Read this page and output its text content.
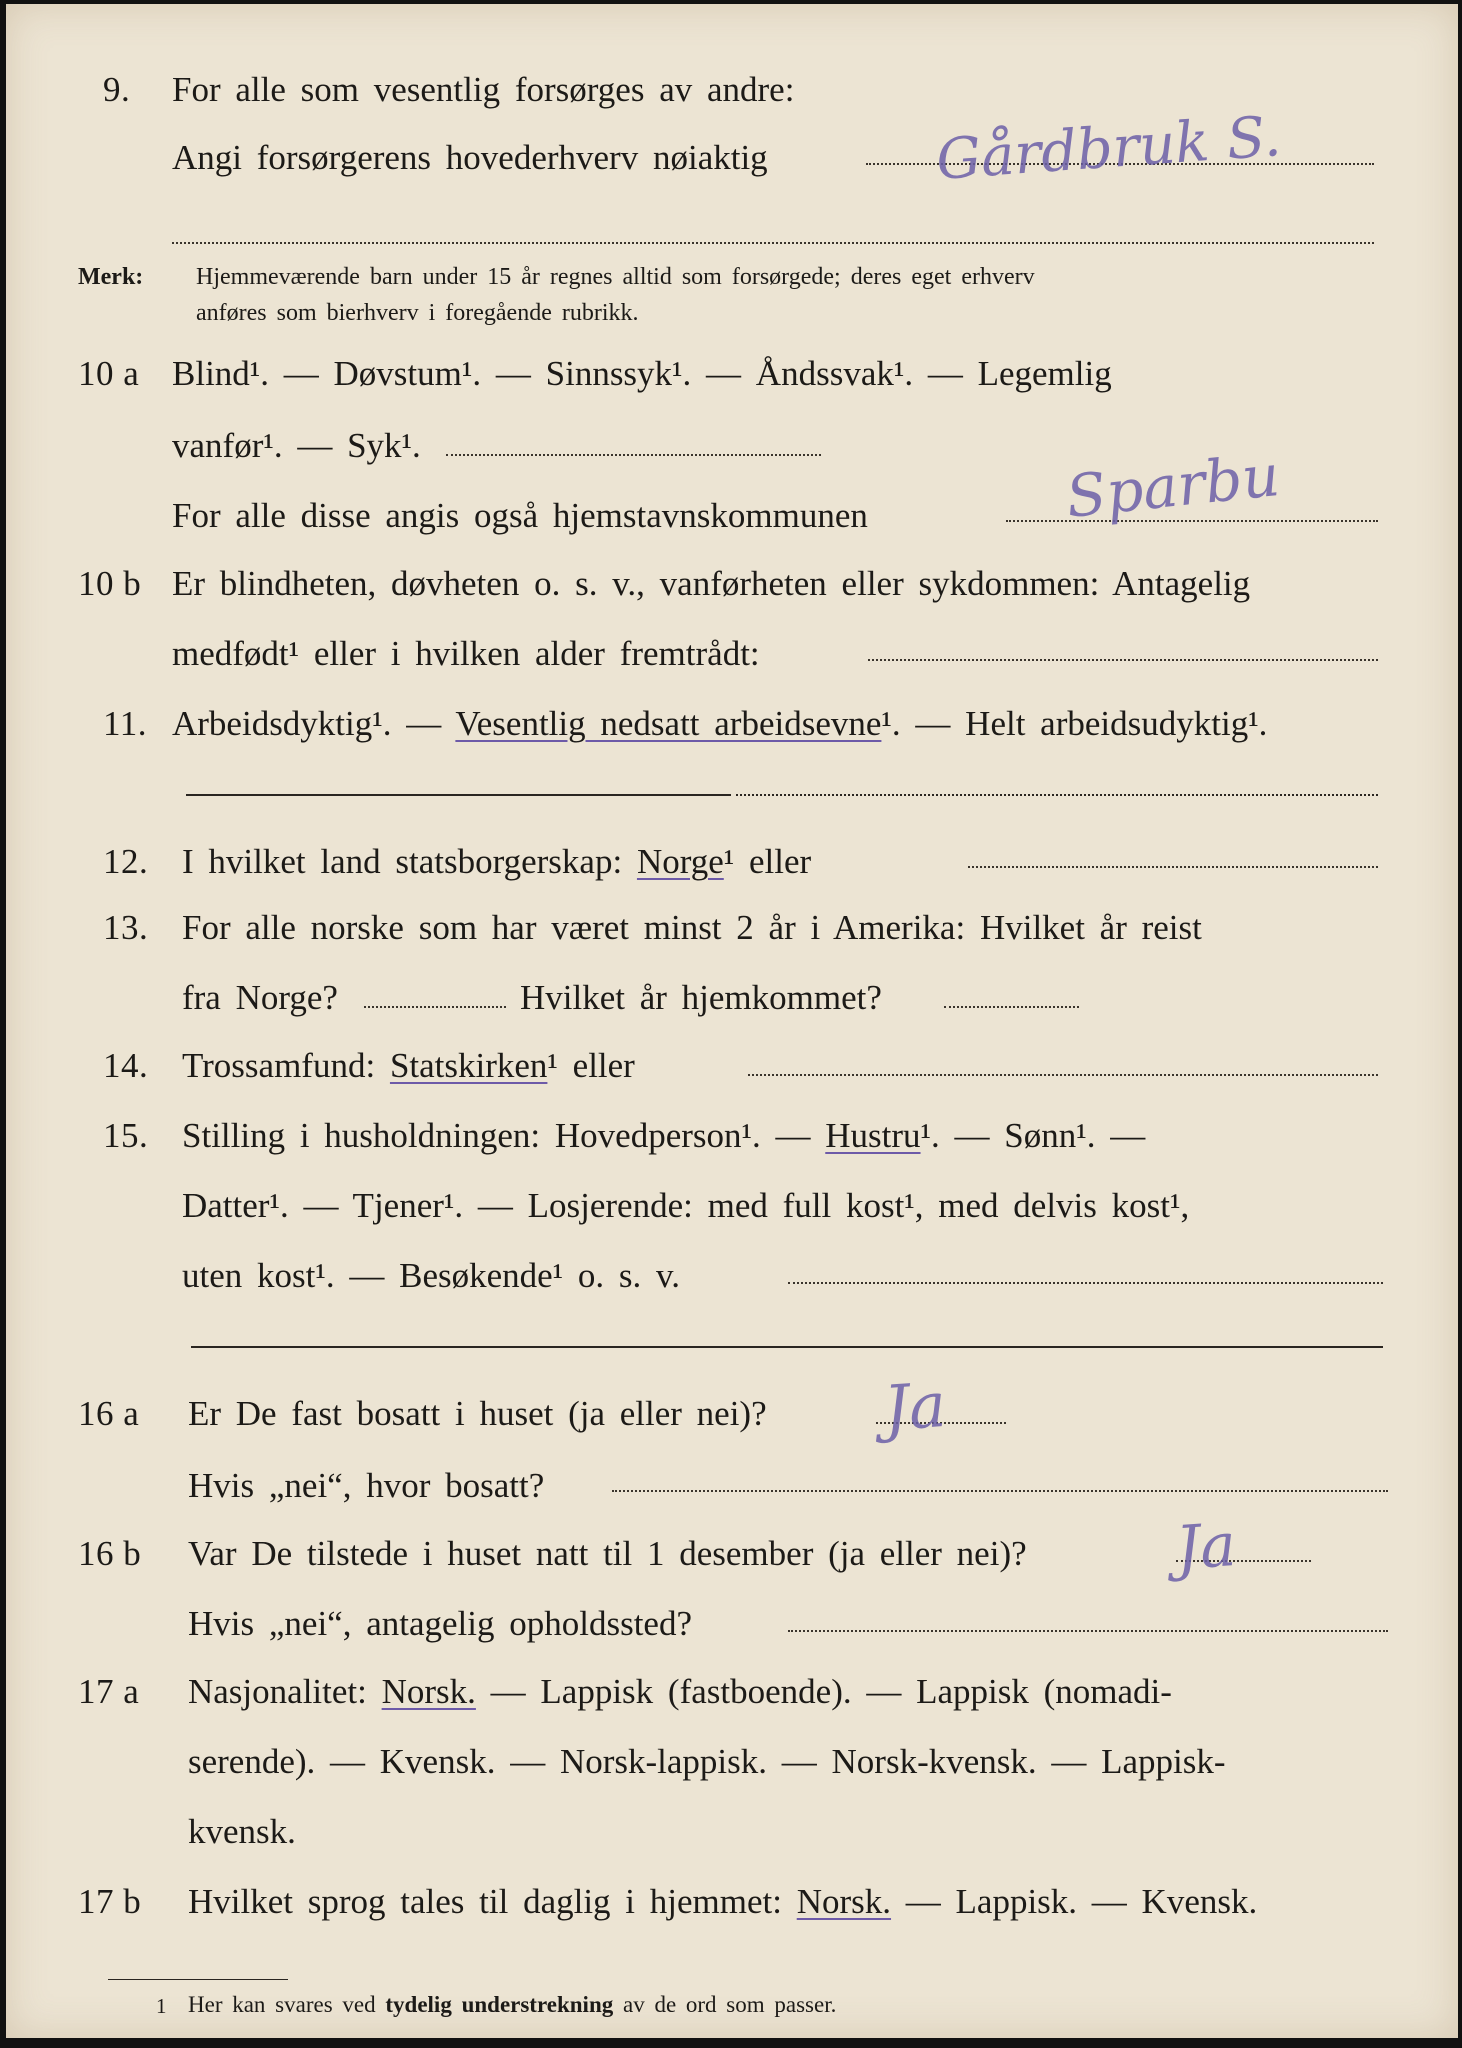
9. For alle som vesentlig forsørges av andre:
Angi forsørgerens hovederhverv nøiaktig	Gårdbruk S.
Merk: Hjemmeværende barn under 15 år regnes alltid som forsørgede; deres eget erhverv
anføres som bierhverv i foregående rubrikk.
10 a Blind¹. — Døvstum¹. — Sinnssyk¹. — Åndssvak¹. — Legemlig
vanfør¹. — Syk¹.
For alle disse angis også hjemstavnskommunen	Sparbu
10 b Er blindheten, døvheten o. s. v., vanførheten eller sykdommen: Antagelig
medfødt¹ eller i hvilken alder fremtrådt:
11. Arbeidsdyktig¹. — Vesentlig nedsatt arbeidsevne¹. — Helt arbeidsudyktig¹.
12. I hvilket land statsborgerskap: Norge¹ eller
13. For alle norske som har været minst 2 år i Amerika: Hvilket år reist
fra Norge?	Hvilket år hjemkommet?
14. Trossamfund: Statskirken¹ eller
15. Stilling i husholdningen: Hovedperson¹. — Hustru¹. — Sønn¹. —
Datter¹. — Tjener¹. — Losjerende: med full kost¹, med delvis kost¹,
uten kost¹. — Besøkende¹ o. s. v.
16 a Er De fast bosatt i huset (ja eller nei)? Ja
Hvis „nei“, hvor bosatt?
16 b Var De tilstede i huset natt til 1 desember (ja eller nei)? Ja
Hvis „nei“, antagelig opholdssted?
17 a Nasjonalitet: Norsk. — Lappisk (fastboende). — Lappisk (nomadi-
serende). — Kvensk. — Norsk-lappisk. — Norsk-kvensk. — Lappisk-
kvensk.
17 b Hvilket sprog tales til daglig i hjemmet: Norsk. — Lappisk. — Kvensk.
1 Her kan svares ved tydelig understrekning av de ord som passer.
